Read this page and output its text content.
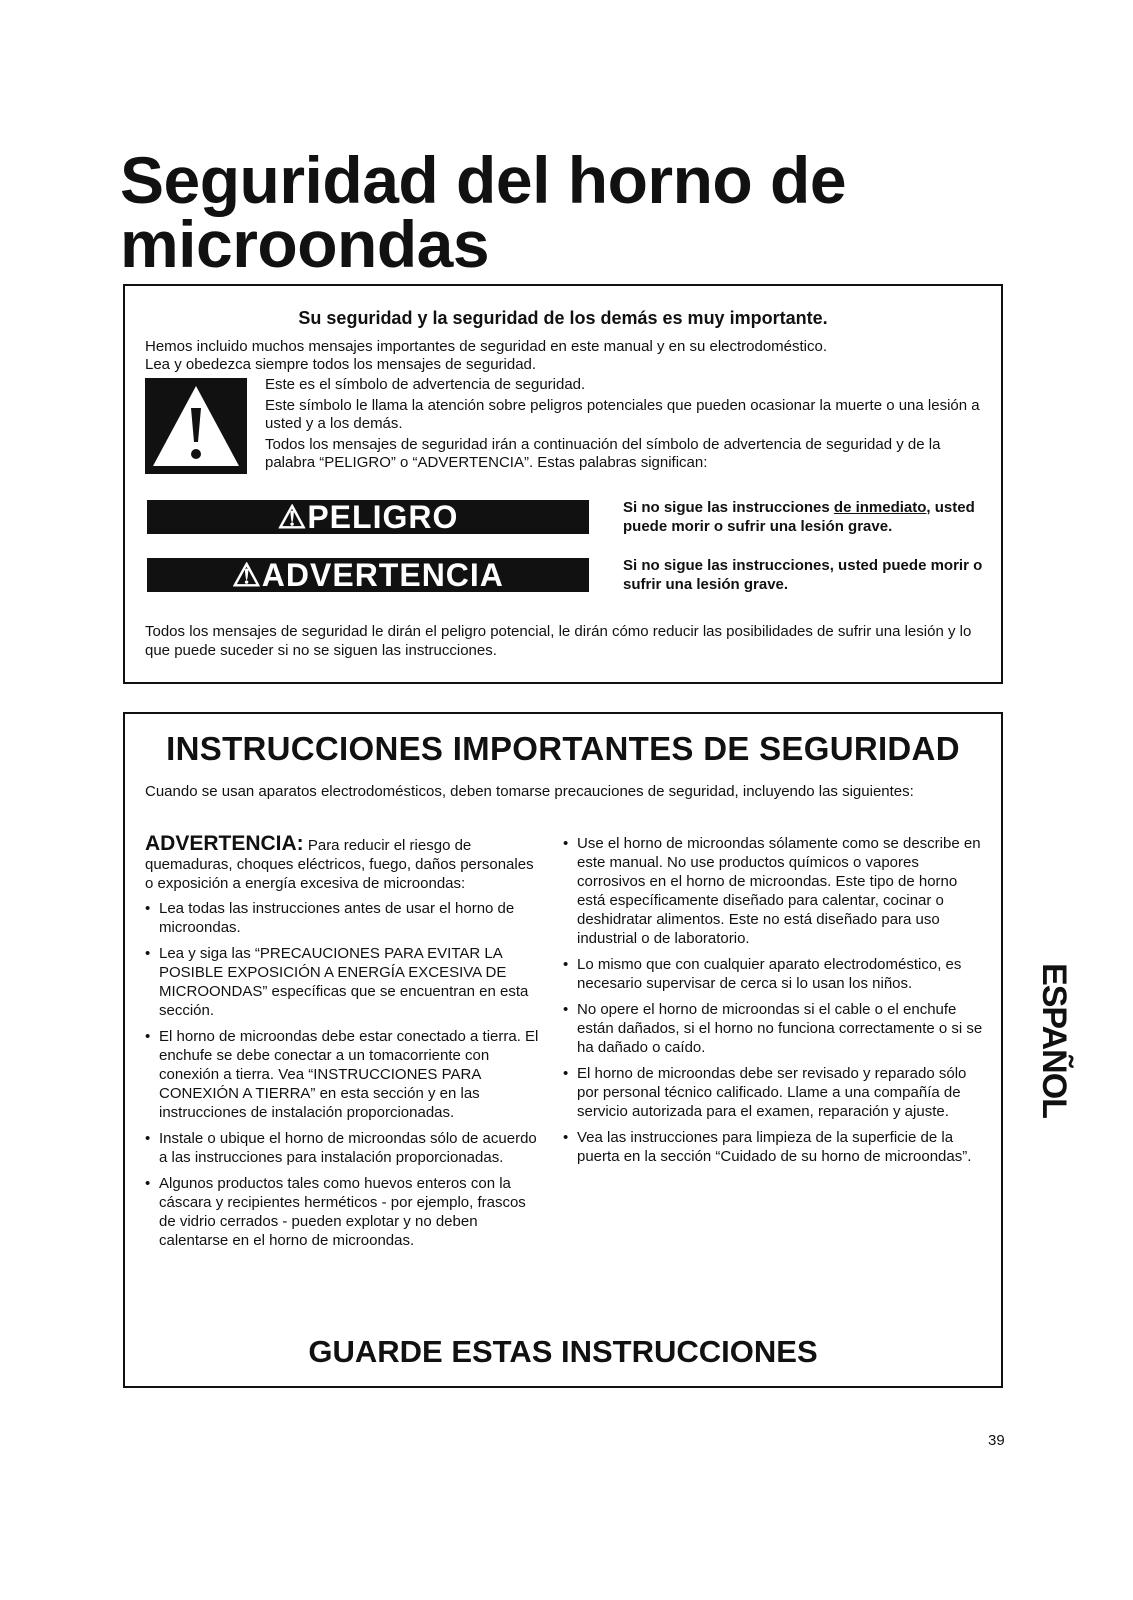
Seguridad del horno de microondas
Su seguridad y la seguridad de los demás es muy importante.

Hemos incluido muchos mensajes importantes de seguridad en este manual y en su electrodoméstico.

Lea y obedezca siempre todos los mensajes de seguridad.

Este es el símbolo de advertencia de seguridad.

Este símbolo le llama la atención sobre peligros potenciales que pueden ocasionar la muerte o una lesión a usted y a los demás.

Todos los mensajes de seguridad irán a continuación del símbolo de advertencia de seguridad y de la palabra “PELIGRO” o “ADVERTENCIA”. Estas palabras significan:

⚠PELIGRO	Si no sigue las instrucciones de inmediato, usted puede morir o sufrir una lesión grave.
⚠ADVERTENCIA	Si no sigue las instrucciones, usted puede morir o sufrir una lesión grave.
Todos los mensajes de seguridad le dirán el peligro potencial, le dirán cómo reducir las posibilidades de sufrir una lesión y lo que puede suceder si no se siguen las instrucciones.
INSTRUCCIONES IMPORTANTES DE SEGURIDAD
Cuando se usan aparatos electrodomésticos, deben tomarse precauciones de seguridad, incluyendo las siguientes:

ADVERTENCIA: Para reducir el riesgo de quemaduras, choques eléctricos, fuego, daños personales o exposición a energía excesiva de microondas:

• Lea todas las instrucciones antes de usar el horno de microondas.
• Lea y siga las “PRECAUCIONES PARA EVITAR LA POSIBLE EXPOSICIÓN A ENERGÍA EXCESIVA DE MICROONDAS” específicas que se encuentran en esta sección.
• El horno de microondas debe estar conectado a tierra. El enchufe se debe conectar a un tomacorriente con conexión a tierra. Vea “INSTRUCCIONES PARA CONEXIÓN A TIERRA” en esta sección y en las instrucciones de instalación proporcionadas.
• Instale o ubique el horno de microondas sólo de acuerdo a las instrucciones para instalación proporcionadas.
• Algunos productos tales como huevos enteros con la cáscara y recipientes herméticos - por ejemplo, frascos de vidrio cerrados - pueden explotar y no deben calentarse en el horno de microondas.
• Use el horno de microondas sólamente como se describe en este manual. No use productos químicos o vapores corrosivos en el horno de microondas. Este tipo de horno está específicamente diseñado para calentar, cocinar o deshidratar alimentos. Este no está diseñado para uso industrial o de laboratorio.
• Lo mismo que con cualquier aparato electrodoméstico, es necesario supervisar de cerca si lo usan los niños.
• No opere el horno de microondas si el cable o el enchufe están dañados, si el horno no funciona correctamente o si se ha dañado o caído.
• El horno de microondas debe ser revisado y reparado sólo por personal técnico calificado. Llame a una compañía de servicio autorizada para el examen, reparación y ajuste.
• Vea las instrucciones para limpieza de la superficie de la puerta en la sección “Cuidado de su horno de microondas”.
GUARDE ESTAS INSTRUCCIONES
ESPAÑOL
39
